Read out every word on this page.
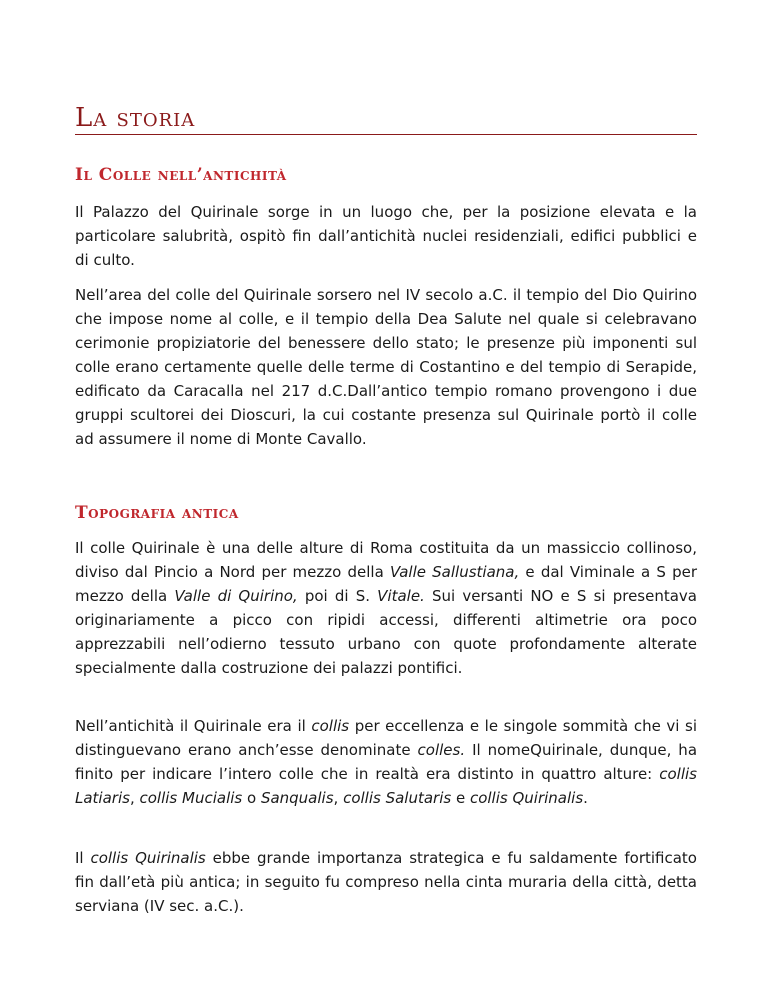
La storia
Il Colle nell’antichità

Il Palazzo del Quirinale sorge in un luogo che, per la posizione elevata e la particolare salubrità, ospitò fin dall’antichità nuclei residenziali, edifici pubblici e di culto.

Nell’area del colle del Quirinale sorsero nel IV secolo a.C. il tempio del Dio Quirino che impose nome al colle, e il tempio della Dea Salute nel quale si celebravano cerimonie propiziatorie del benessere dello stato; le presenze più imponenti sul colle erano certamente quelle delle terme di Costantino e del tempio di Serapide, edificato da Caracalla nel 217 d.C.Dall’antico tempio romano provengono i due gruppi scultorei dei Dioscuri, la cui costante presenza sul Quirinale portò il colle ad assumere il nome di Monte Cavallo.

Topografia antica

Il colle Quirinale è una delle alture di Roma costituita da un massiccio collinoso, diviso dal Pincio a Nord per mezzo della Valle Sallustiana, e dal Viminale a S per mezzo della Valle di Quirino, poi di S. Vitale. Sui versanti NO e S si presentava originariamente a picco con ripidi accessi, differenti altimetrie ora poco apprezzabili nell’odierno tessuto urbano con quote profondamente alterate specialmente dalla costruzione dei palazzi pontifici.

Nell’antichità il Quirinale era il collis per eccellenza e le singole sommità che vi si distinguevano erano anch’esse denominate colles. Il nomeQuirinale, dunque, ha finito per indicare l’intero colle che in realtà era distinto in quattro alture: collis Latiaris, collis Mucialis o Sanqualis, collis Salutaris e collis Quirinalis.

Il collis Quirinalis ebbe grande importanza strategica e fu saldamente fortificato fin dall’età più antica; in seguito fu compreso nella cinta muraria della città, detta serviana (IV sec. a.C.).
